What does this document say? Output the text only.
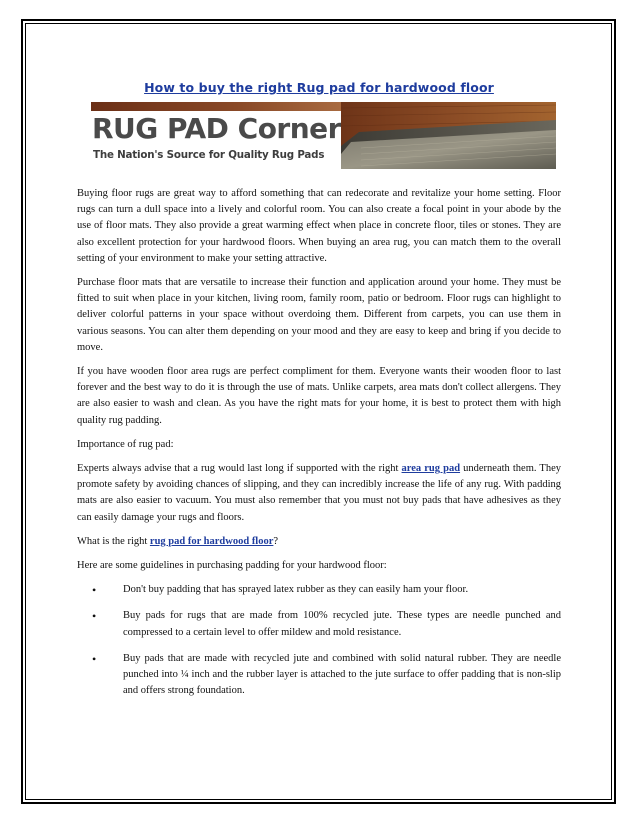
How to buy the right Rug pad for hardwood floor
RUG PAD Corner
The Nation's Source for Quality Rug Pads

Buying floor rugs are great way to afford something that can redecorate and revitalize your home setting. Floor rugs can turn a dull space into a lively and colorful room. You can also create a focal point in your abode by the use of floor mats. They also provide a great warming effect when place in concrete floor, tiles or stones. They are also excellent protection for your hardwood floors. When buying an area rug, you can match them to the overall setting of your environment to make your setting attractive.

Purchase floor mats that are versatile to increase their function and application around your home. They must be fitted to suit when place in your kitchen, living room, family room, patio or bedroom. Floor rugs can highlight to deliver colorful patterns in your space without overdoing them. Different from carpets, you can use them in various seasons. You can alter them depending on your mood and they are easy to keep and bring if you decide to move.

If you have wooden floor area rugs are perfect compliment for them. Everyone wants their wooden floor to last forever and the best way to do it is through the use of mats. Unlike carpets, area mats don't collect allergens. They are also easier to wash and clean. As you have the right mats for your home, it is best to protect them with high quality rug padding.

Importance of rug pad:

Experts always advise that a rug would last long if supported with the right area rug pad underneath them. They promote safety by avoiding chances of slipping, and they can incredibly increase the life of any rug. With padding mats are also easier to vacuum. You must also remember that you must not buy pads that have adhesives as they can easily damage your rugs and floors.

What is the right rug pad for hardwood floor?

Here are some guidelines in purchasing padding for your hardwood floor:

•	Don't buy padding that has sprayed latex rubber as they can easily ham your floor.
•	Buy pads for rugs that are made from 100% recycled jute. These types are needle punched and compressed to a certain level to offer mildew and mold resistance.
•	Buy pads that are made with recycled jute and combined with solid natural rubber. They are needle punched into ¼ inch and the rubber layer is attached to the jute surface to offer padding that is non-slip and offers strong foundation.
